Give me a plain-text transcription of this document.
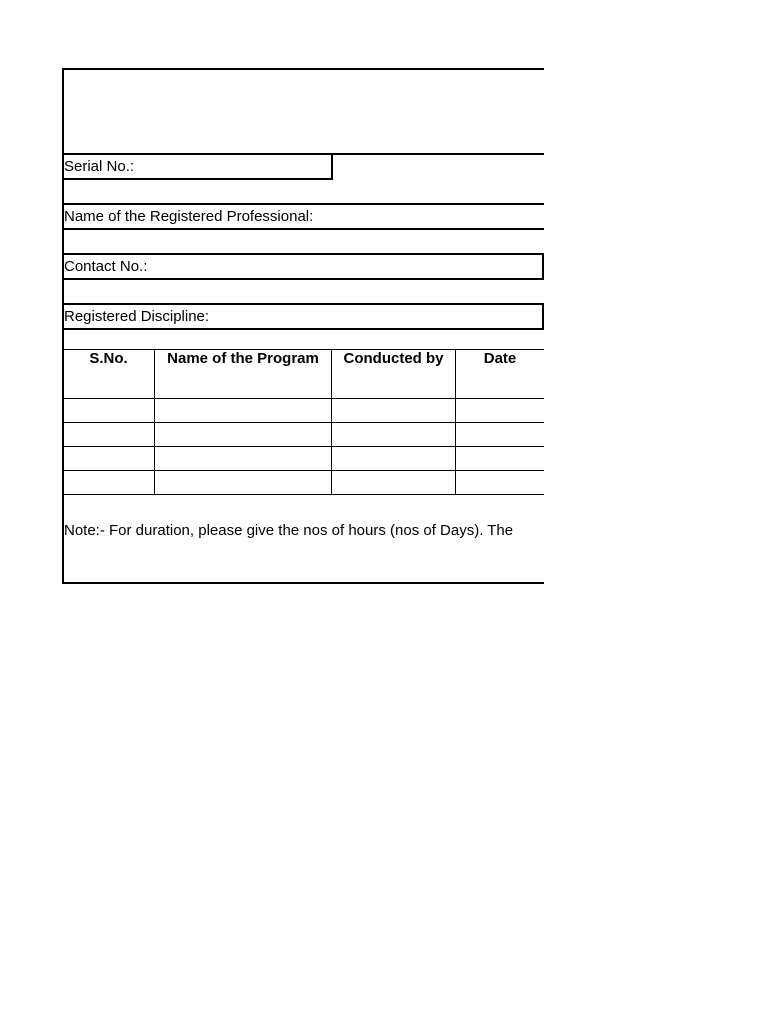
Serial No.:
Name of the Registered Professional:
Contact No.:
Registered Discipline:
S.No.	Name of the Program	Conducted by	Date

Note:- For duration, please give the nos of hours (nos of Days). The
